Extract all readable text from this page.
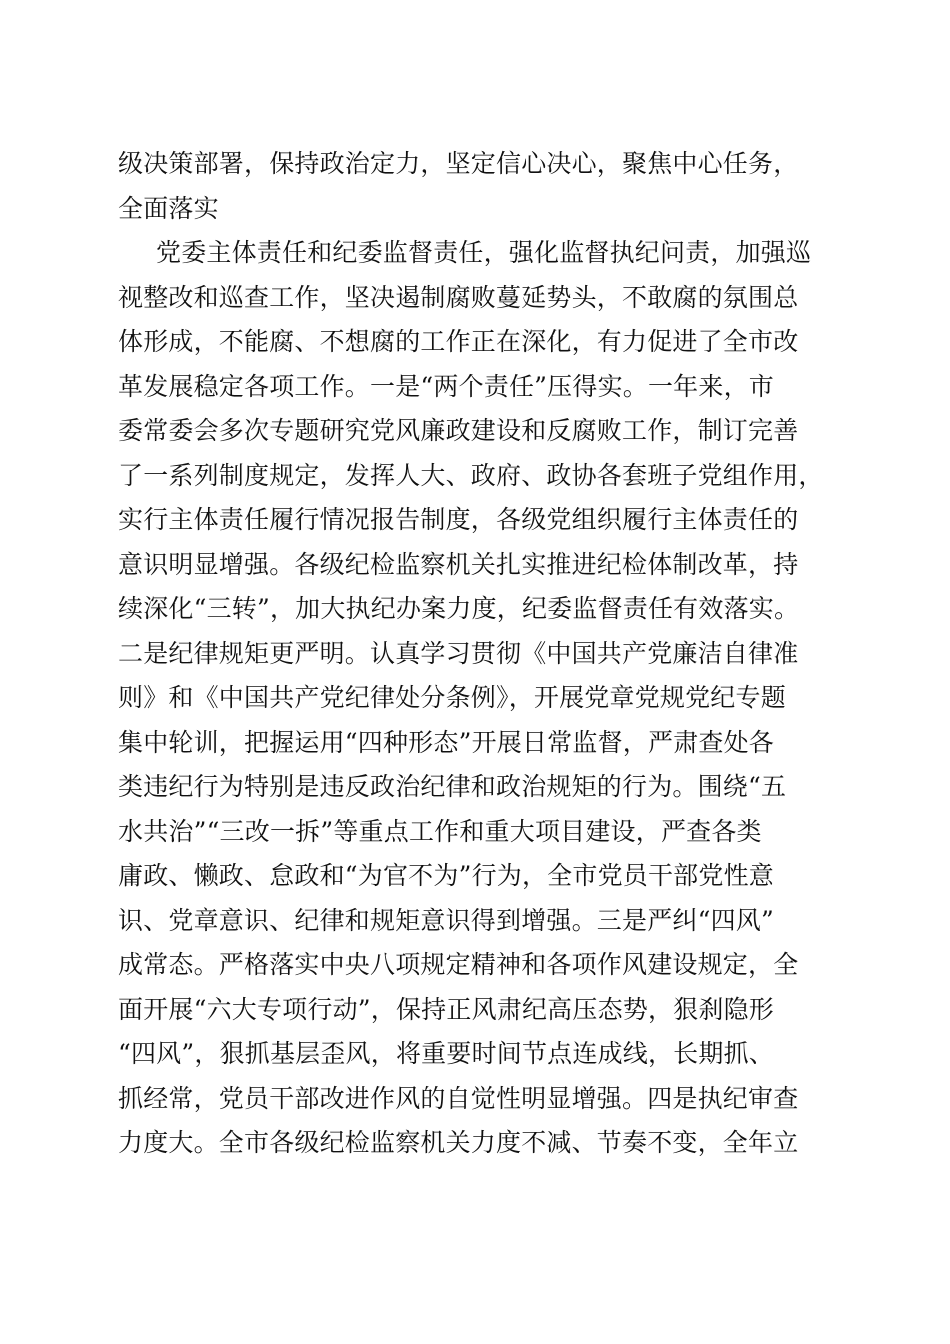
级决策部署，保持政治定力，坚定信心决心，聚焦中心任务，
全面落实
党委主体责任和纪委监督责任，强化监督执纪问责，加强巡
视整改和巡查工作，坚决遏制腐败蔓延势头，不敢腐的氛围总
体形成，不能腐、不想腐的工作正在深化，有力促进了全市改
革发展稳定各项工作。一是“两个责任”压得实。一年来，市
委常委会多次专题研究党风廉政建设和反腐败工作，制订完善
了一系列制度规定，发挥人大、政府、政协各套班子党组作用，
实行主体责任履行情况报告制度，各级党组织履行主体责任的
意识明显增强。各级纪检监察机关扎实推进纪检体制改革，持
续深化“三转”，加大执纪办案力度，纪委监督责任有效落实。
二是纪律规矩更严明。认真学习贯彻《中国共产党廉洁自律准
则》和《中国共产党纪律处分条例》，开展党章党规党纪专题
集中轮训，把握运用“四种形态”开展日常监督，严肃查处各
类违纪行为特别是违反政治纪律和政治规矩的行为。围绕“五
水共治”“三改一拆”等重点工作和重大项目建设，严查各类
庸政、懒政、怠政和“为官不为”行为，全市党员干部党性意
识、党章意识、纪律和规矩意识得到增强。三是严纠“四风”
成常态。严格落实中央八项规定精神和各项作风建设规定，全
面开展“六大专项行动”，保持正风肃纪高压态势，狠刹隐形
“四风”，狠抓基层歪风，将重要时间节点连成线，长期抓、
抓经常，党员干部改进作风的自觉性明显增强。四是执纪审查
力度大。全市各级纪检监察机关力度不减、节奏不变，全年立
